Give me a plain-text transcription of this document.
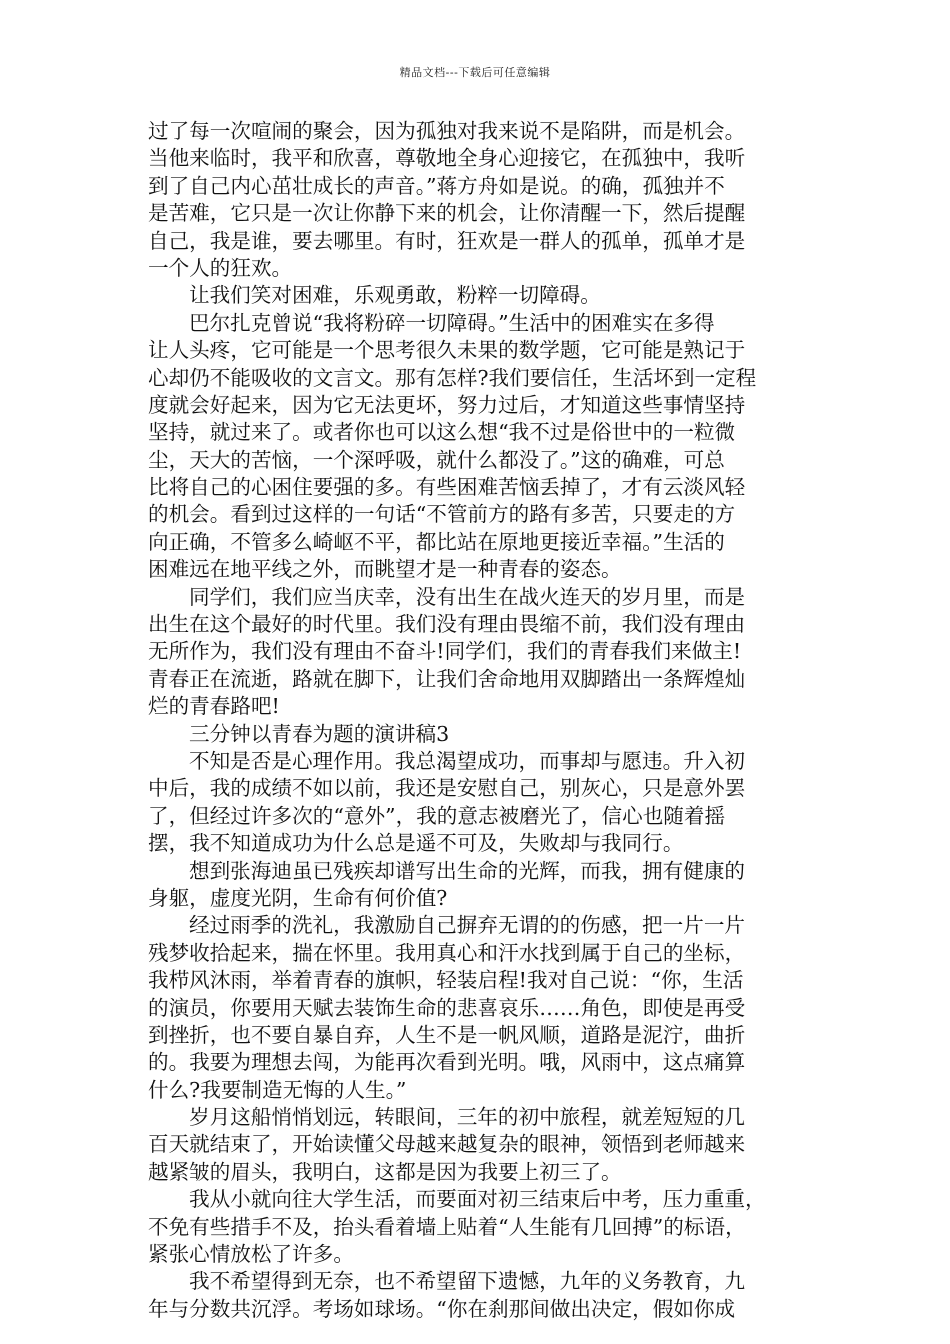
精品文档---下载后可任意编辑
过了每一次喧闹的聚会，因为孤独对我来说不是陷阱，而是机会。
当他来临时，我平和欣喜，尊敬地全身心迎接它，在孤独中，我听
到了自己内心茁壮成长的声音。”蒋方舟如是说。的确，孤独并不
是苦难，它只是一次让你静下来的机会，让你清醒一下，然后提醒
自己，我是谁，要去哪里。有时，狂欢是一群人的孤单，孤单才是
一个人的狂欢。
让我们笑对困难，乐观勇敢，粉粹一切障碍。
巴尔扎克曾说“我将粉碎一切障碍。”生活中的困难实在多得
让人头疼，它可能是一个思考很久未果的数学题，它可能是熟记于
心却仍不能吸收的文言文。那有怎样?我们要信任，生活坏到一定程
度就会好起来，因为它无法更坏，努力过后，才知道这些事情坚持
坚持，就过来了。或者你也可以这么想“我不过是俗世中的一粒微
尘，天大的苦恼，一个深呼吸，就什么都没了。”这的确难，可总
比将自己的心困住要强的多。有些困难苦恼丢掉了，才有云淡风轻
的机会。看到过这样的一句话“不管前方的路有多苦，只要走的方
向正确，不管多么崎岖不平，都比站在原地更接近幸福。”生活的
困难远在地平线之外，而眺望才是一种青春的姿态。
同学们，我们应当庆幸，没有出生在战火连天的岁月里，而是
出生在这个最好的时代里。我们没有理由畏缩不前，我们没有理由
无所作为，我们没有理由不奋斗!同学们，我们的青春我们来做主!
青春正在流逝，路就在脚下，让我们舍命地用双脚踏出一条辉煌灿
烂的青春路吧!
三分钟以青春为题的演讲稿3
不知是否是心理作用。我总渴望成功，而事却与愿违。升入初
中后，我的成绩不如以前，我还是安慰自己，别灰心，只是意外罢
了，但经过许多次的“意外”，我的意志被磨光了，信心也随着摇
摆，我不知道成功为什么总是遥不可及，失败却与我同行。
想到张海迪虽已残疾却谱写出生命的光辉，而我，拥有健康的
身躯，虚度光阴，生命有何价值?
经过雨季的洗礼，我激励自己摒弃无谓的的伤感，把一片一片
残梦收拾起来，揣在怀里。我用真心和汗水找到属于自己的坐标，
我栉风沐雨，举着青春的旗帜，轻装启程!我对自己说：“你，生活
的演员，你要用天赋去装饰生命的悲喜哀乐……角色，即使是再受
到挫折，也不要自暴自弃，人生不是一帆风顺，道路是泥泞，曲折
的。我要为理想去闯，为能再次看到光明。哦，风雨中，这点痛算
什么?我要制造无悔的人生。”
岁月这船悄悄划远，转眼间，三年的初中旅程，就差短短的几
百天就结束了，开始读懂父母越来越复杂的眼神，领悟到老师越来
越紧皱的眉头，我明白，这都是因为我要上初三了。
我从小就向往大学生活，而要面对初三结束后中考，压力重重，
不免有些措手不及，抬头看着墙上贴着“人生能有几回搏”的标语，
紧张心情放松了许多。
我不希望得到无奈，也不希望留下遗憾，九年的义务教育，九
年与分数共沉浮。考场如球场。“你在刹那间做出决定，假如你成
